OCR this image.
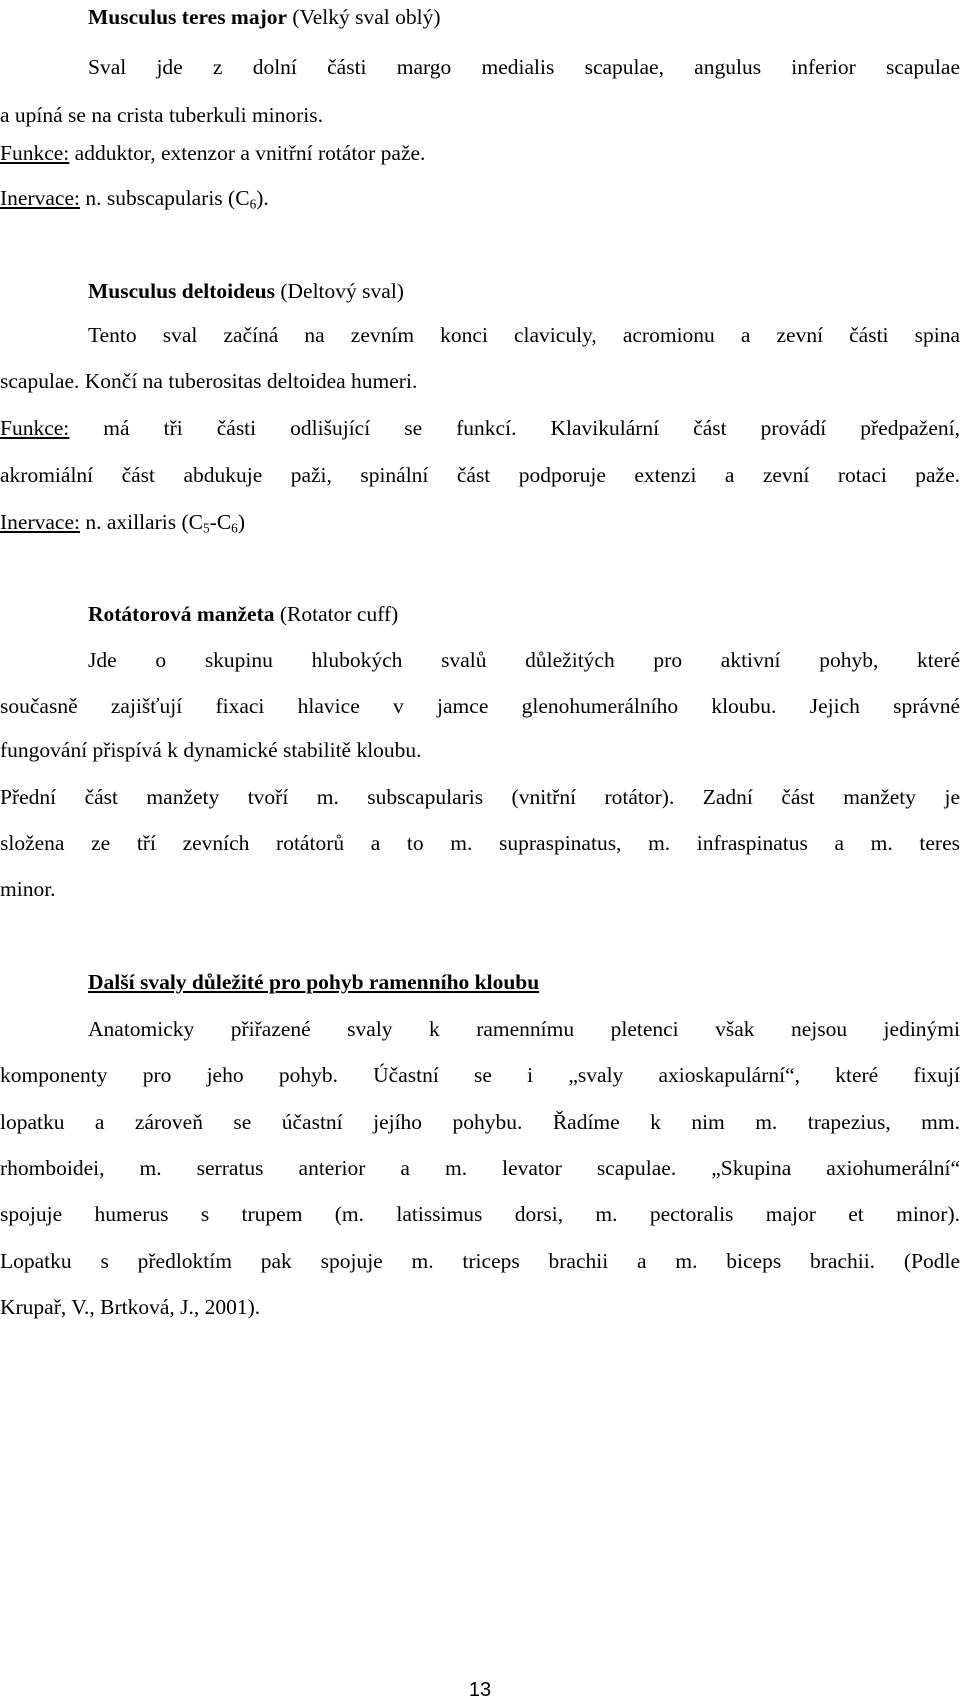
Musculus teres major (Velký sval oblý)

Sval jde z dolní části margo medialis scapulae, angulus inferior scapulae

a upíná se na crista tuberkuli minoris.

Funkce: adduktor, extenzor a vnitřní rotátor paže.

Inervace: n. subscapularis $(C_6)$.

Musculus deltoideus (Deltový sval)

Tento sval začíná na zevním konci claviculy, acromionu a zevní části spina

scapulae. Končí na tuberositas deltoidea humeri.

Funkce: má tři části odlišující se funkcí. Klavikulární část provádí předpažení,

akromiální část abdukuje paži, spinální část podporuje extenzi a zevní rotaci paže.

Inervace: n. axillaris $(C_5-C_6)$

Rotátorová manžeta (Rotator cuff)

Jde o skupinu hlubokých svalů důležitých pro aktivní pohyb, které

současně zajišťují fixaci hlavice v jamce glenohumerálního kloubu. Jejich správné

fungování přispívá k dynamické stabilitě kloubu.

Přední část manžety tvoří m. subscapularis (vnitřní rotátor). Zadní část manžety je

složena ze tří zevních rotátorů a to m. supraspinatus, m. infraspinatus a m. teres

minor.

Další svaly důležité pro pohyb ramenního kloubu

Anatomicky přiřazené svaly k ramennímu pletenci však nejsou jedinými

komponenty pro jeho pohyb. Účastní se i „svaly axioskapulární“, které fixují

lopatku a zároveň se účastní jejího pohybu. Řadíme k nim m. trapezius, mm.

rhomboidei, m. serratus anterior a m. levator scapulae. „Skupina axiohumerální“

spojuje humerus s trupem (m. latissimus dorsi, m. pectoralis major et minor).

Lopatku s předloktím pak spojuje m. triceps brachii a m. biceps brachii. (Podle

Krupař, V., Brtková, J., 2001).

13
